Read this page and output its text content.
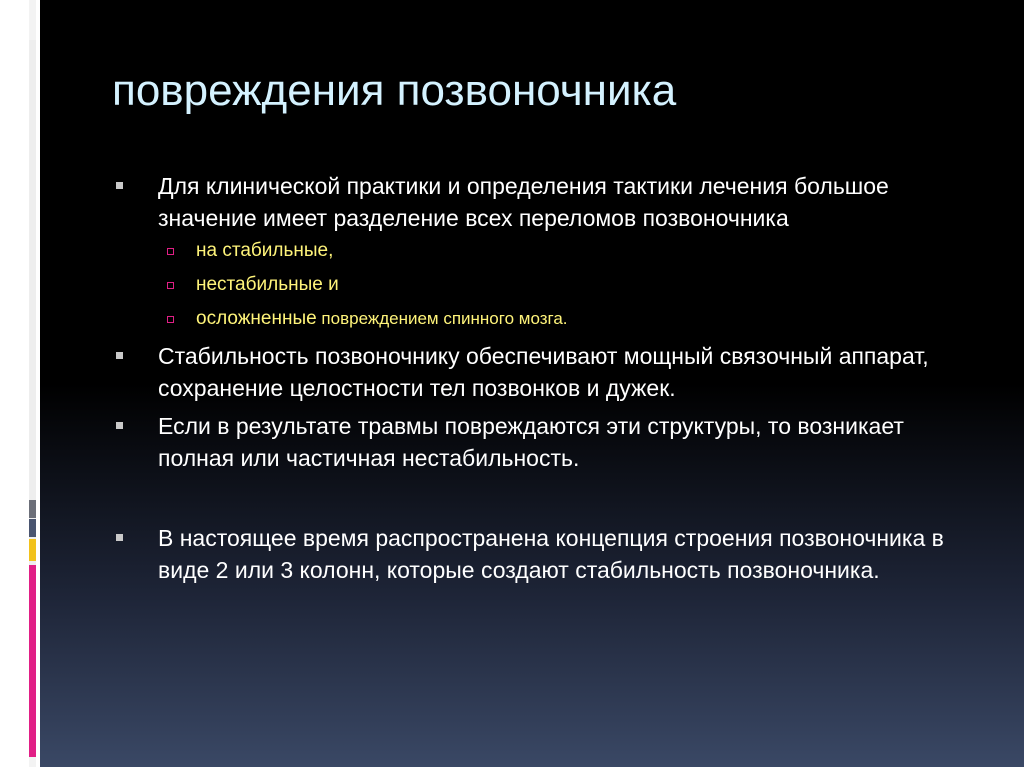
повреждения позвоночника
Для клинической практики и определения тактики лечения большое значение имеет разделение всех переломов позвоночника
на стабильные,
нестабильные и
осложненные повреждением спинного мозга.
Стабильность позвоночнику обеспечивают мощный связочный аппарат, сохранение целостности тел позвонков и дужек.
Если в результате травмы повреждаются эти структуры, то возникает полная или частичная нестабильность.
В настоящее время распространена концепция строения позвоночника в виде 2 или 3 колонн, которые создают стабильность позвоночника.
